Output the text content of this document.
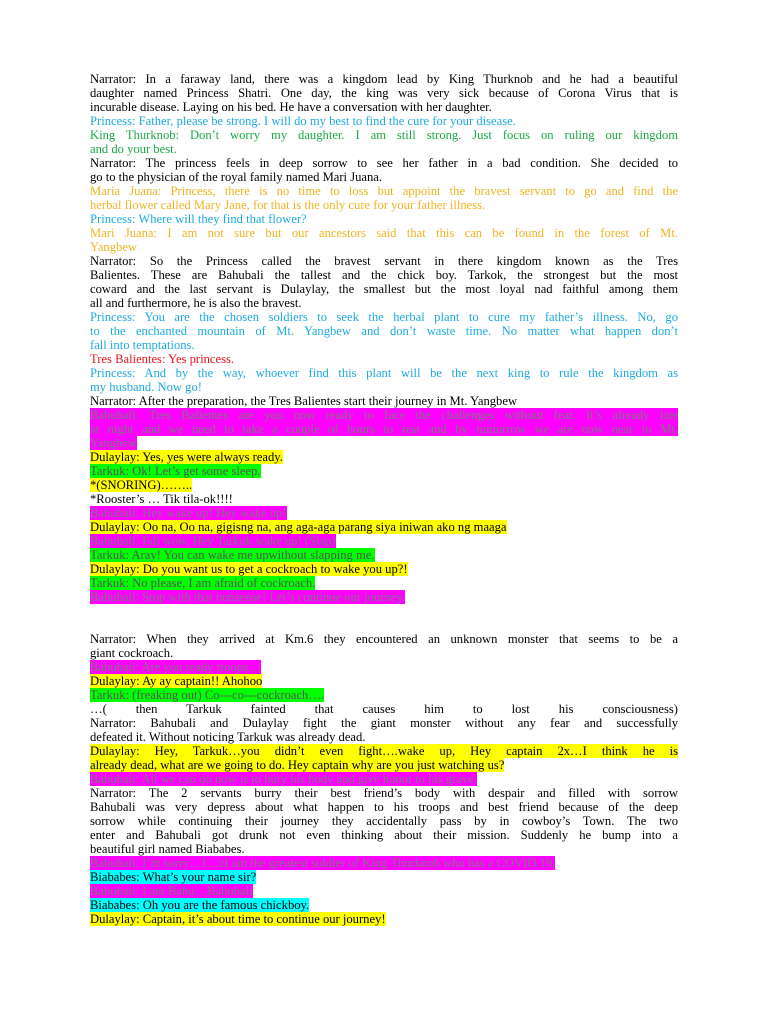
Narrator: In a faraway land, there was a kingdom lead by King Thurknob and he had a beautiful
daughter named Princess Shatri. One day, the king was very sick because of Corona Virus that is
incurable disease. Laying on his bed. He have a conversation with her daughter.
Princess: Father, please be strong. I will do my best to find the cure for your disease.
King Thurknob: Don’t worry my daughter. I am still strong. Just focus on ruling our kingdom
and do your best.
Narrator: The princess feels in deep sorrow to see her father in a bad condition. She decided to
go to the physician of the royal family named Mari Juana.
Maria Juana: Princess, there is no time to loss but appoint the bravest servant to go and find the
herbal flower called Mary Jane, for that is the only cure for your father illness.
Princess: Where will they find that flower?
Mari Juana: I am not sure but our ancestors said that this can be found in the forest of Mt.
Yangbew
Narrator: So the Princess called the bravest servant in there kingdom known as the Tres
Balientes. These are Bahubali the tallest and the chick boy. Tarkok, the strongest but the most
coward and the last servant is Dulaylay, the smallest but the most loyal nad faithful among them
all and furthermore, he is also the bravest.
Princess: You are the chosen soldiers to seek the herbal plant to cure my father’s illness. No, go
to the enchanted mountain of Mt. Yangbew and don’t waste time. No matter what happen don’t
fall into temptations.
Tres Balientes: Yes princess.
Princess: And by the way, whoever find this plant will be the next king to rule the kingdom as
my husband. Now go!
Narrator: After the preparation, the Tres Balientes start their journey in Mt. Yangbew
Bahubali: Tres Balientes are you now ready to face the challenges without fear. It’s already late
at night and we need to take a couple of hours to rest and by tomorrow we are now near to Mt.
Yangbew
Dulaylay: Yes, yes were always ready.
Tarkuk: Ok! Let’s get some sleep.
*(SNORING)……..
*Rooster’s … Tik tila-ok!!!!
Bahubali: Hey wake up! Hey wake up!
Dulaylay: Oo na, Oo na, gigisng na, ang aga-aga parang siya iniwan ako ng maaga
Bahubali: Edi wow, Hey Tarkuk wake up! (Slap)
Tarkuk: Aray! You can wake me upwithout slapping me.
Dulaylay: Do you want us to get a cockroach to wake you up?!
Tarkuk: No please, I am afraid of cockroach.
Bahubali: Stop with that nonsense! Let’s continue our journey.
Narrator: When they arrived at Km.6 they encountered an unknown monster that seems to be a
giant cockroach.
Bahubali: Are you ready troops…
Dulaylay: Ay ay captain!! Ahohoo
Tarkuk: (freaking out) Co---co---cockroach….
…( then Tarkuk fainted that causes him to lost his consciousness)
Narrator: Bahubali and Dulaylay fight the giant monster without any fear and successfully
defeated it. Without noticing Tarkuk was already dead.
Dulaylay: Hey, Tarkuk…you didn’t even fight….wake up, Hey captain 2x…I think he is
already dead, what are we going to do. Hey captain why are you just watching us?
Bahubali: All we can do now is to bury his body and give honor to his grave.
Narrator: The 2 servants burry their best friend’s body with despair and filled with sorrow
Bahubali was very depress about what happen to his troops and best friend because of the deep
sorrow while continuing their journey they accidentally pass by in cowboy’s Town. The two
enter and Bahubali got drunk not even thinking about their mission. Suddenly he bump into a
beautiful girl named Biababes.
Bahubali: I’m sorry…I…zI am the greatest soldier of King Thurknob who has a COVID 19.
Biababes: What’s your name sir?
Bahubali: I am Bahu…Bahubali
Biababes: Oh you are the famous chickboy.
Dulaylay: Captain, it’s about time to continue our journey!
